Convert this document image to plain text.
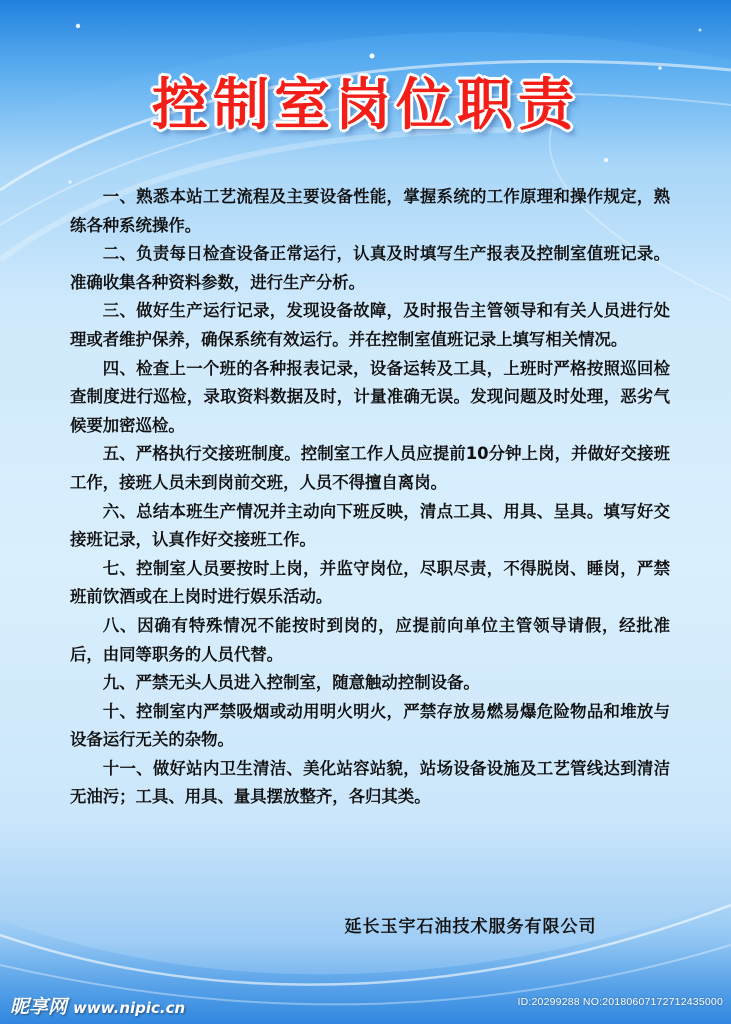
控制室岗位职责

一、熟悉本站工艺流程及主要设备性能，掌握系统的工作原理和操作规定，熟练各种系统操作。

二、负责每日检查设备正常运行，认真及时填写生产报表及控制室值班记录。准确收集各种资料参数，进行生产分析。

三、做好生产运行记录，发现设备故障，及时报告主管领导和有关人员进行处理或者维护保养，确保系统有效运行。并在控制室值班记录上填写相关情况。

四、检查上一个班的各种报表记录，设备运转及工具，上班时严格按照巡回检查制度进行巡检，录取资料数据及时，计量准确无误。发现问题及时处理，恶劣气候要加密巡检。

五、严格执行交接班制度。控制室工作人员应提前10分钟上岗，并做好交接班工作，接班人员未到岗前交班，人员不得擅自离岗。

六、总结本班生产情况并主动向下班反映，清点工具、用具、呈具。填写好交接班记录，认真作好交接班工作。

七、控制室人员要按时上岗，并监守岗位，尽职尽责，不得脱岗、睡岗，严禁班前饮酒或在上岗时进行娱乐活动。

八、因确有特殊情况不能按时到岗的，应提前向单位主管领导请假，经批准后，由同等职务的人员代替。

九、严禁无头人员进入控制室，随意触动控制设备。

十、控制室内严禁吸烟或动用明火明火，严禁存放易燃易爆危险物品和堆放与设备运行无关的杂物。

十一、做好站内卫生清洁、美化站容站貌，站场设备设施及工艺管线达到清洁无油污；工具、用具、量具摆放整齐，各归其类。

延长玉宇石油技术服务有限公司
昵享网 www.nipic.cn	ID:20299288 NO:20180607172712435000
